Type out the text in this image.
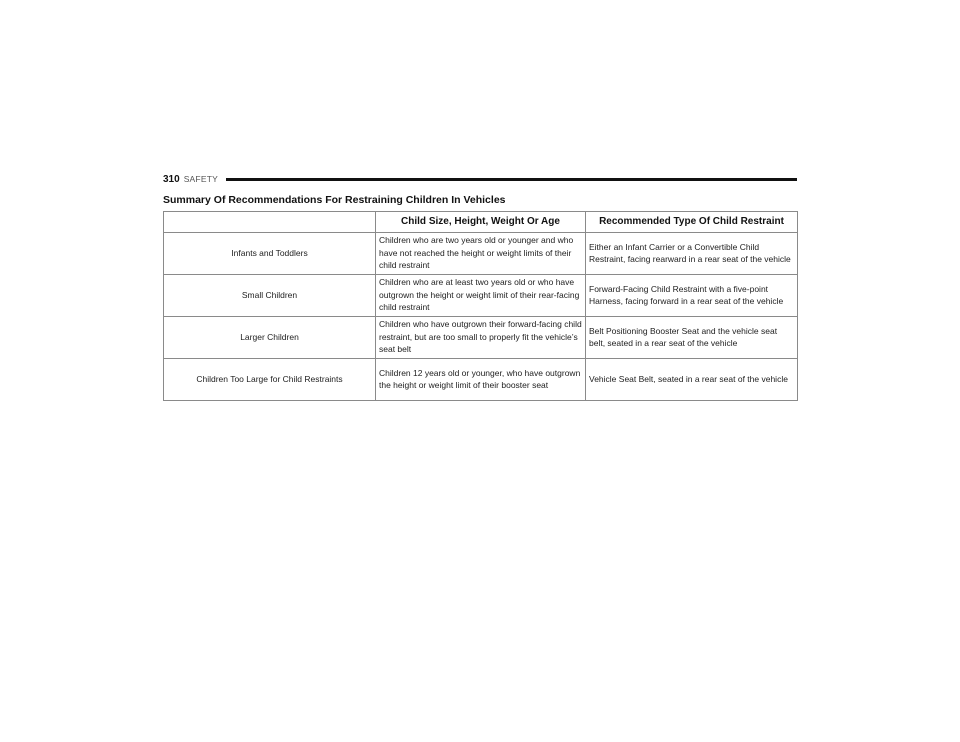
310 SAFETY
Summary Of Recommendations For Restraining Children In Vehicles
	Child Size, Height, Weight Or Age	Recommended Type Of Child Restraint
Infants and Toddlers	Children who are two years old or younger and who have not reached the height or weight limits of their child restraint	Either an Infant Carrier or a Convertible Child Restraint, facing rearward in a rear seat of the vehicle
Small Children	Children who are at least two years old or who have outgrown the height or weight limit of their rear-facing child restraint	Forward-Facing Child Restraint with a five-point Harness, facing forward in a rear seat of the vehicle
Larger Children	Children who have outgrown their forward-facing child restraint, but are too small to properly fit the vehicle’s seat belt	Belt Positioning Booster Seat and the vehicle seat belt, seated in a rear seat of the vehicle
Children Too Large for Child Restraints	Children 12 years old or younger, who have outgrown the height or weight limit of their booster seat	Vehicle Seat Belt, seated in a rear seat of the vehicle
